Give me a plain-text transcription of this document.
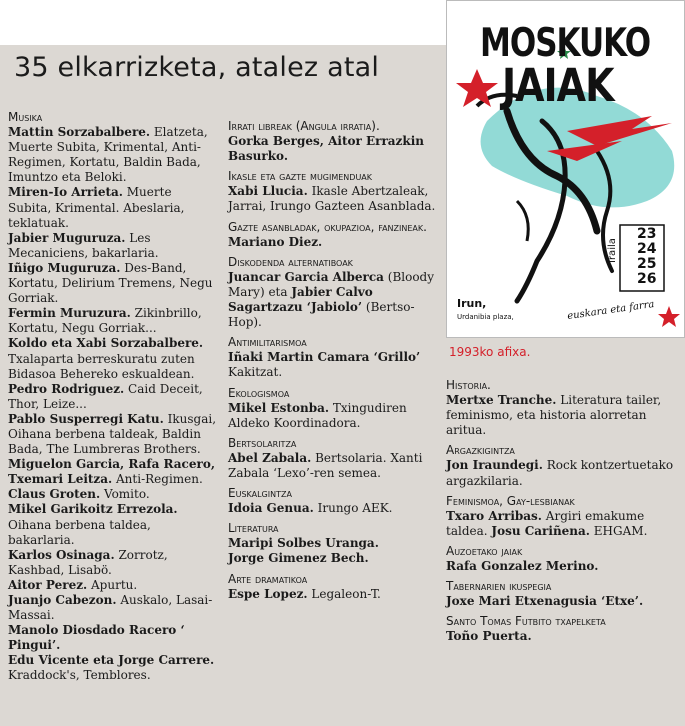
35 elkarrizketa, atalez atal
Musika
Mattin Sorzabalbere. Elatzeta, Muerte Subita, Krimental, Anti-Regimen, Kortatu, Baldin Bada, Imuntzo eta Beloki.
Miren-Io Arrieta. Muerte Subita, Krimental. Abeslaria, teklatuak.
Jabier Muguruza. Les Mecaniciens, bakarlaria.
Iñigo Muguruza. Des-Band, Kortatu, Delirium Tremens, Negu Gorriak.
Fermin Muruzura. Zikinbrillo, Kortatu, Negu Gorriak...
Koldo eta Xabi Sorzabalbere. Txalaparta berreskuratu zuten Bidasoa Behereko eskualdean.
Pedro Rodriguez. Caid Deceit, Thor, Leize...
Pablo Susperregi Katu. Ikusgai, Oihana berbena taldeak, Baldin Bada, The Lumbreras Brothers.
Miguelon Garcia, Rafa Racero, Txemari Leitza. Anti-Regimen.
Claus Groten. Vomito.
Mikel Garikoitz Errezola. Oihana berbena taldea, bakarlaria.
Karlos Osinaga. Zorrotz, Kashbad, Lisabö.
Aitor Perez. Apurtu.
Juanjo Cabezon. Auskalo, Lasai-Massai.
Manolo Diosdado Racero ‘ Pingui’.
Edu Vicente eta Jorge Carrere. Kraddock's, Temblores.
Irrati libreak (Angula irratia).
Gorka Berges, Aitor Errazkin Basurko.
Ikasle eta gazte mugimenduak
Xabi Llucia. Ikasle Abertzaleak, Jarrai, Irungo Gazteen Asanblada.
Gazte asanbladak, okupazioa, fanzineak.
Mariano Diez.
Diskodenda alternatiboak
Juancar Garcia Alberca (Bloody Mary) eta Jabier Calvo Sagartzazu ‘Jabiolo’ (Bertso-Hop).
Antimilitarismoa
Iñaki Martin Camara ‘Grillo’ Kakitzat.
Ekologismoa
Mikel Estonba. Txingudiren Aldeko Koordinadora.
Bertsolaritza
Abel Zabala. Bertsolaria. Xanti Zabala ‘Lexo’-ren semea.
Euskalgintza
Idoia Genua. Irungo AEK.
Literatura
Maripi Solbes Uranga.
Jorge Gimenez Bech.
Arte dramatikoa
Espe Lopez. Legaleon-T.
Historia.
Mertxe Tranche. Literatura tailer, feminismo, eta historia alorretan aritua.
Argazkigintza
Jon Iraundegi. Rock kontzertuetako argazkilaria.
Feminismoa, Gay-lesbianak
Txaro Arribas. Argiri emakume taldea. Josu Cariñena. EHGAM.
Auzoetako jaiak
Rafa Gonzalez Merino.
Tabernarien ikuspegia
Joxe Mari Etxenagusia ‘Etxe’.
Santo Tomas Futbito txapelketa
Toño Puerta.
MOSKUKO
JAIAK
23
24
25
26
Iraila
Irun,
Urdanibia plaza,	euskara eta farra
1993ko afixa.
